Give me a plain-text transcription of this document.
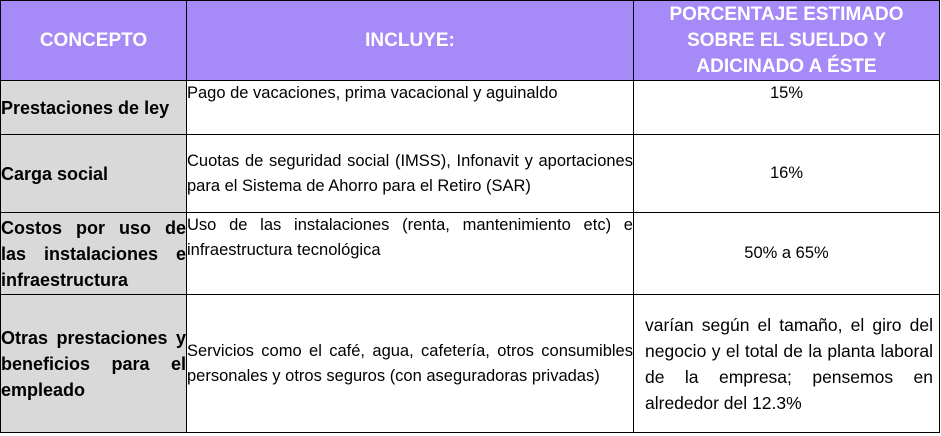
CONCEPTO	INCLUYE:	PORCENTAJE ESTIMADO SOBRE EL SUELDO Y ADICINADO A ÉSTE
Prestaciones de ley	Pago de vacaciones, prima vacacional y aguinaldo	15%
Carga social	Cuotas de seguridad social (IMSS), Infonavit y aportaciones para el Sistema de Ahorro para el Retiro (SAR)	16%
Costos por uso de las instalaciones e infraestructura	Uso de las instalaciones (renta, mantenimiento etc) e infraestructura tecnológica	50% a 65%
Otras prestaciones y beneficios para el empleado	Servicios como el café, agua, cafetería, otros consumibles personales y otros seguros (con aseguradoras privadas)	varían según el tamaño, el giro del negocio y el total de la planta laboral de la empresa; pensemos en alrededor del 12.3%
